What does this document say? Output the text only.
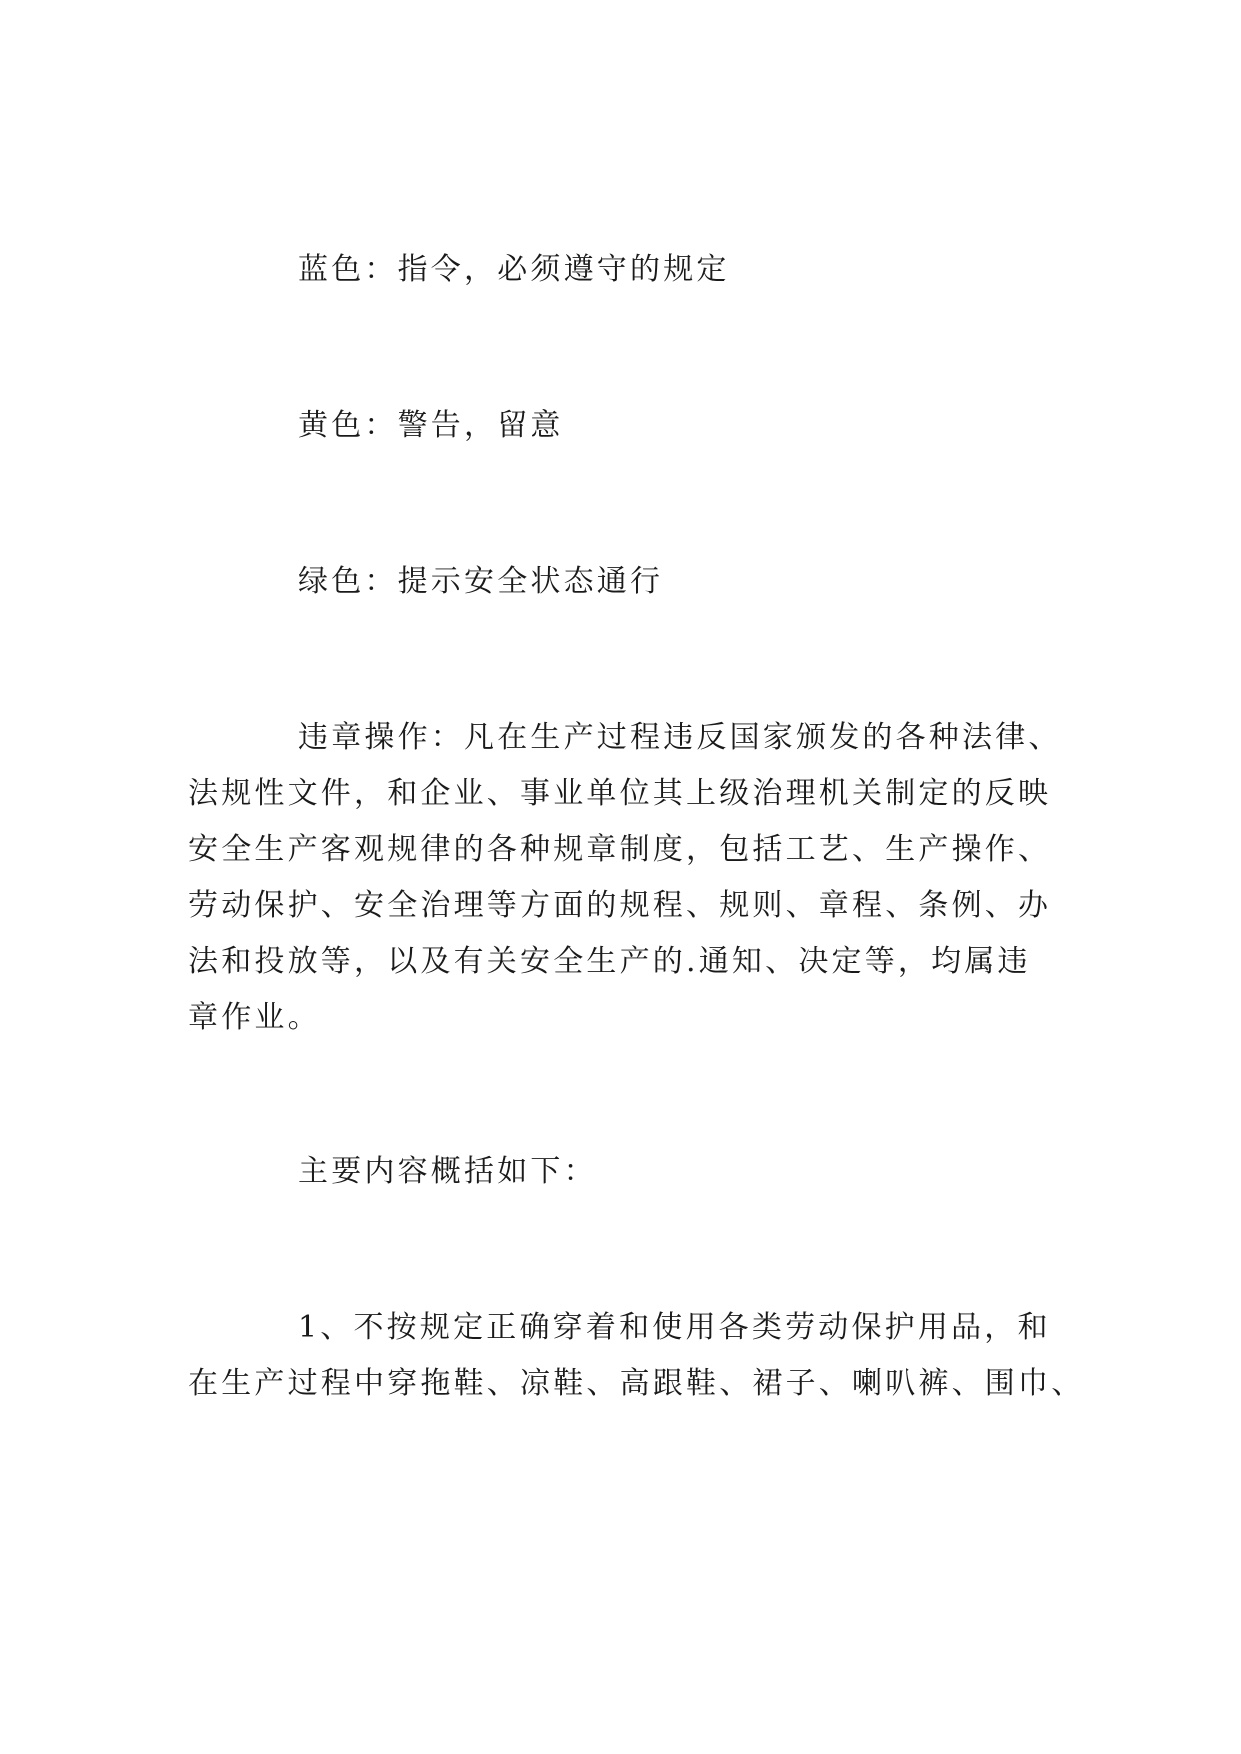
蓝色：指令，必须遵守的规定
黄色：警告，留意
绿色：提示安全状态通行
违章操作：凡在生产过程违反国家颁发的各种法律、
法规性文件，和企业、事业单位其上级治理机关制定的反映
安全生产客观规律的各种规章制度，包括工艺、生产操作、
劳动保护、安全治理等方面的规程、规则、章程、条例、办
法和投放等，以及有关安全生产的.通知、决定等，均属违
章作业。
主要内容概括如下：
1、不按规定正确穿着和使用各类劳动保护用品，和
在生产过程中穿拖鞋、凉鞋、高跟鞋、裙子、喇叭裤、围巾、
